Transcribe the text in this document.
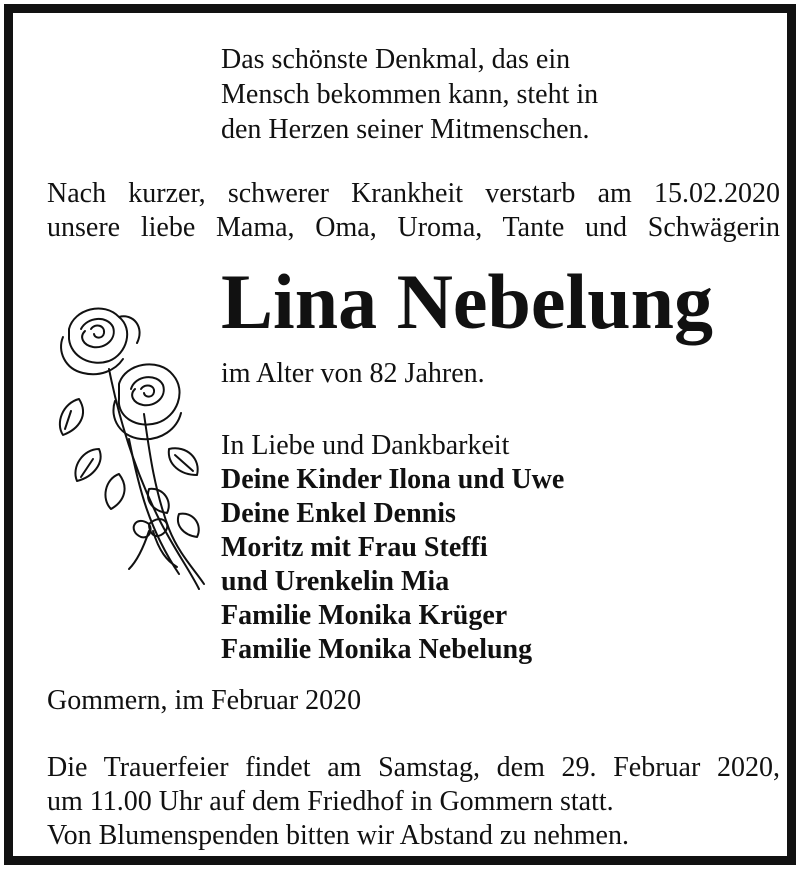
Das schönste Denkmal, das ein
Mensch bekommen kann, steht in
den Herzen seiner Mitmenschen.
Nach kurzer, schwerer Krankheit verstarb am 15.02.2020
unsere liebe Mama, Oma, Uroma, Tante und Schwägerin
Lina Nebelung
im Alter von 82 Jahren.
In Liebe und Dankbarkeit
Deine Kinder Ilona und Uwe
Deine Enkel Dennis
Moritz mit Frau Steffi
und Urenkelin Mia
Familie Monika Krüger
Familie Monika Nebelung
Gommern, im Februar 2020
Die Trauerfeier findet am Samstag, dem 29. Februar 2020,
um 11.00 Uhr auf dem Friedhof in Gommern statt.
Von Blumenspenden bitten wir Abstand zu nehmen.
